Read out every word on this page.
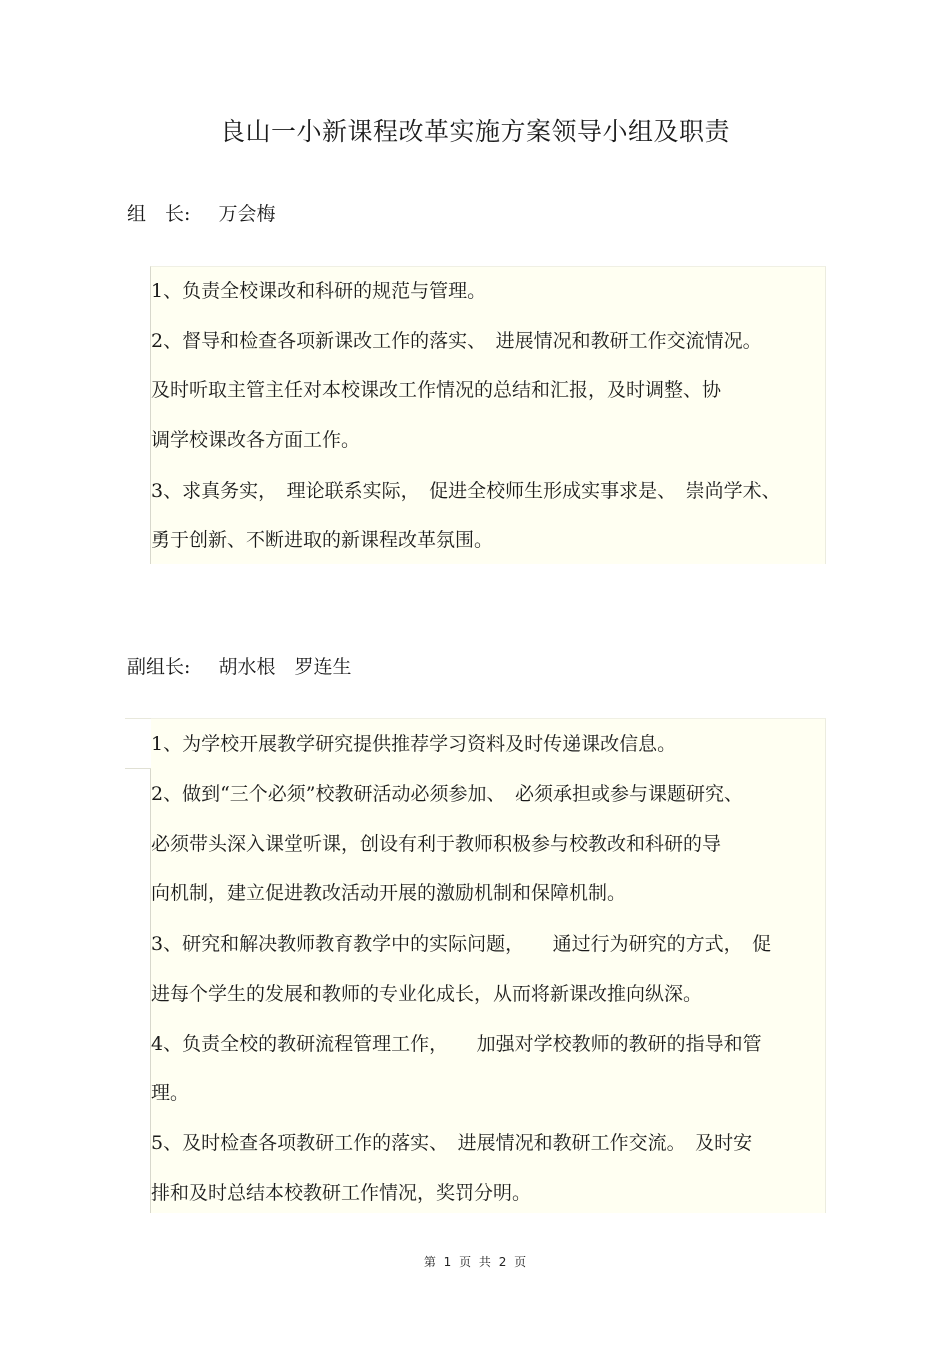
良山一小新课程改革实施方案领导小组及职责
组　长: 万会梅
1、负责全校课改和科研的规范与管理。
2、督导和检查各项新课改工作的落实、　进展情况和教研工作交流情况。
及时听取主管主任对本校课改工作情况的总结和汇报，及时调整、协
调学校课改各方面工作。
3、求真务实，　理论联系实际，　促进全校师生形成实事求是、　崇尚学术、
勇于创新、不断进取的新课程改革氛围。
副组长: 胡水根　罗连生
1、为学校开展教学研究提供推荐学习资料及时传递课改信息。
2、做到“三个必须”校教研活动必须参加、　必须承担或参与课题研究、
必须带头深入课堂听课，创设有利于教师积极参与校教改和科研的导
向机制，建立促进教改活动开展的激励机制和保障机制。
3、研究和解决教师教育教学中的实际问题，　　通过行为研究的方式，　促
进每个学生的发展和教师的专业化成长，从而将新课改推向纵深。
4、负责全校的教研流程管理工作，　　加强对学校教师的教研的指导和管
理。
5、及时检查各项教研工作的落实、　进展情况和教研工作交流。　及时安
排和及时总结本校教研工作情况，奖罚分明。
第 1 页 共 2 页
